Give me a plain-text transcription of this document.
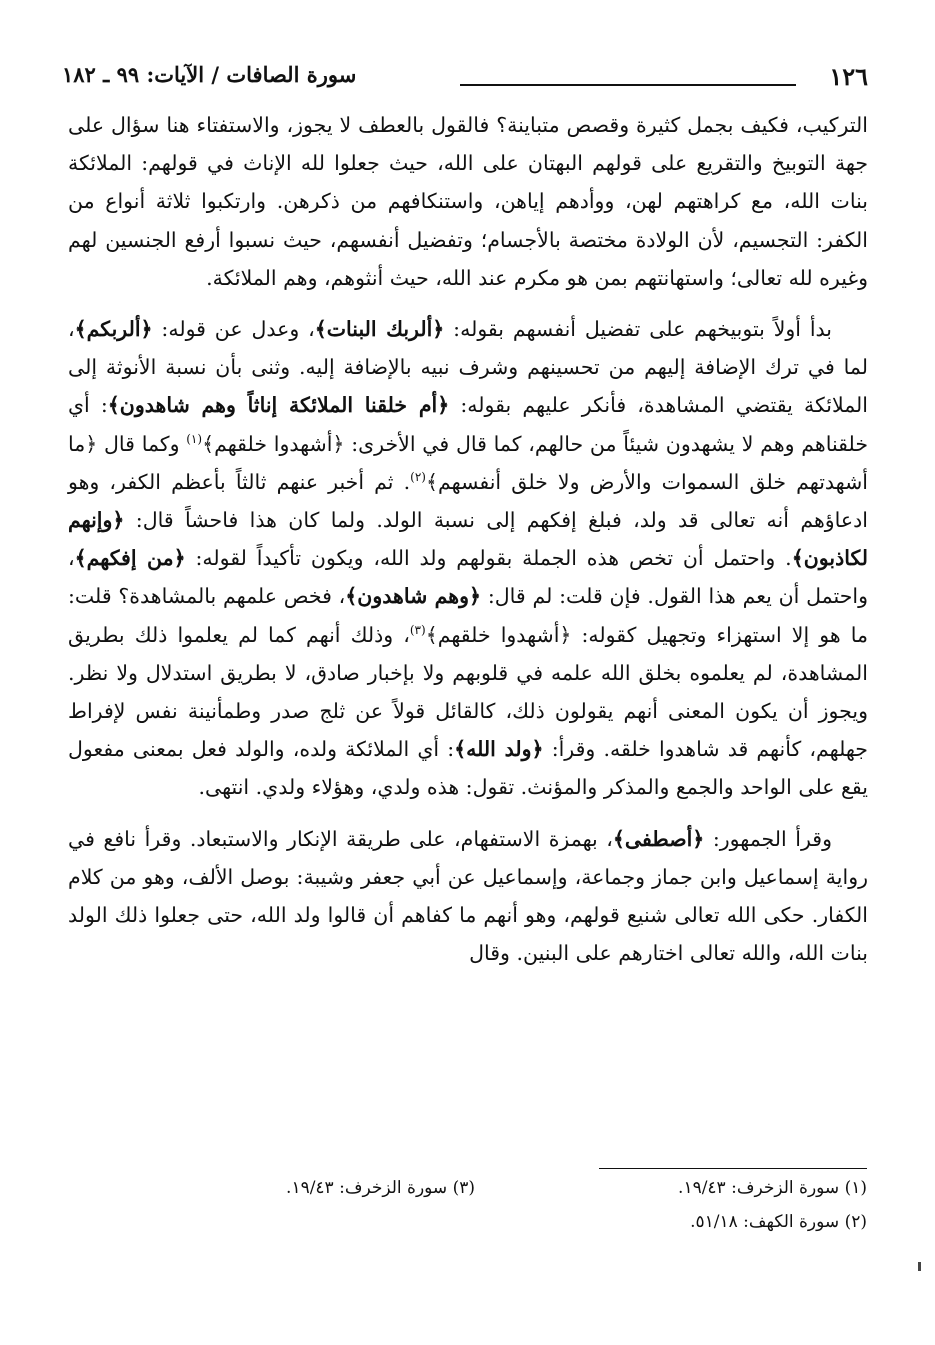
١٢٦
سورة الصافات / الآيات: ٩٩ ـ ١٨٢

التركيب، فكيف بجمل كثيرة وقصص متباينة؟ فالقول بالعطف لا يجوز، والاستفتاء هنا سؤال على جهة التوبيخ والتقريع على قولهم البهتان على الله، حيث جعلوا لله الإناث في قولهم: الملائكة بنات الله، مع كراهتهم لهن، ووأدهم إياهن، واستنكافهم من ذكرهن. وارتكبوا ثلاثة أنواع من الكفر: التجسيم، لأن الولادة مختصة بالأجسام؛ وتفضيل أنفسهم، حيث نسبوا أرفع الجنسين لهم وغيره لله تعالى؛ واستهانتهم بمن هو مكرم عند الله، حيث أنثوهم، وهم الملائكة.

بدأ أولاً بتوبيخهم على تفضيل أنفسهم بقوله: ﴿ألربك البنات﴾، وعدل عن قوله: ﴿ألربكم﴾، لما في ترك الإضافة إليهم من تحسينهم وشرف نبيه بالإضافة إليه. وثنى بأن نسبة الأنوثة إلى الملائكة يقتضي المشاهدة، فأنكر عليهم بقوله: ﴿أم خلقنا الملائكة إناثاً وهم شاهدون﴾: أي خلقناهم وهم لا يشهدون شيئاً من حالهم، كما قال في الأخرى: ﴿أشهدوا خلقهم﴾$^{(١)}$ وكما قال ﴿ما أشهدتهم خلق السموات والأرض ولا خلق أنفسهم﴾$^{(٢)}$. ثم أخبر عنهم ثالثاً بأعظم الكفر، وهو ادعاؤهم أنه تعالى قد ولد، فبلغ إفكهم إلى نسبة الولد. ولما كان هذا فاحشاً قال: ﴿وإنهم لكاذبون﴾. واحتمل أن تخص هذه الجملة بقولهم ولد الله، ويكون تأكيداً لقوله: ﴿من إفكهم﴾، واحتمل أن يعم هذا القول. فإن قلت: لم قال: ﴿وهم شاهدون﴾، فخص علمهم بالمشاهدة؟ قلت: ما هو إلا استهزاء وتجهيل كقوله: ﴿أشهدوا خلقهم﴾$^{(٣)}$، وذلك أنهم كما لم يعلموا ذلك بطريق المشاهدة، لم يعلموه بخلق الله علمه في قلوبهم ولا بإخبار صادق، لا بطريق استدلال ولا نظر. ويجوز أن يكون المعنى أنهم يقولون ذلك، كالقائل قولاً عن ثلج صدر وطمأنينة نفس لإفراط جهلهم، كأنهم قد شاهدوا خلقه. وقرأ: ﴿ولد الله﴾: أي الملائكة ولده، والولد فعل بمعنى مفعول يقع على الواحد والجمع والمذكر والمؤنث. تقول: هذه ولدي، وهؤلاء ولدي. انتهى.

وقرأ الجمهور: ﴿أصطفى﴾، بهمزة الاستفهام، على طريقة الإنكار والاستبعاد. وقرأ نافع في رواية إسماعيل وابن جماز وجماعة، وإسماعيل عن أبي جعفر وشيبة: بوصل الألف، وهو من كلام الكفار. حكى الله تعالى شنيع قولهم، وهو أنهم ما كفاهم أن قالوا ولد الله، حتى جعلوا ذلك الولد بنات الله، والله تعالى اختارهم على البنين. وقال

(١) سورة الزخرف: ١٩/٤٣.
(٢) سورة الكهف: ٥١/١٨.
(٣) سورة الزخرف: ١٩/٤٣.
